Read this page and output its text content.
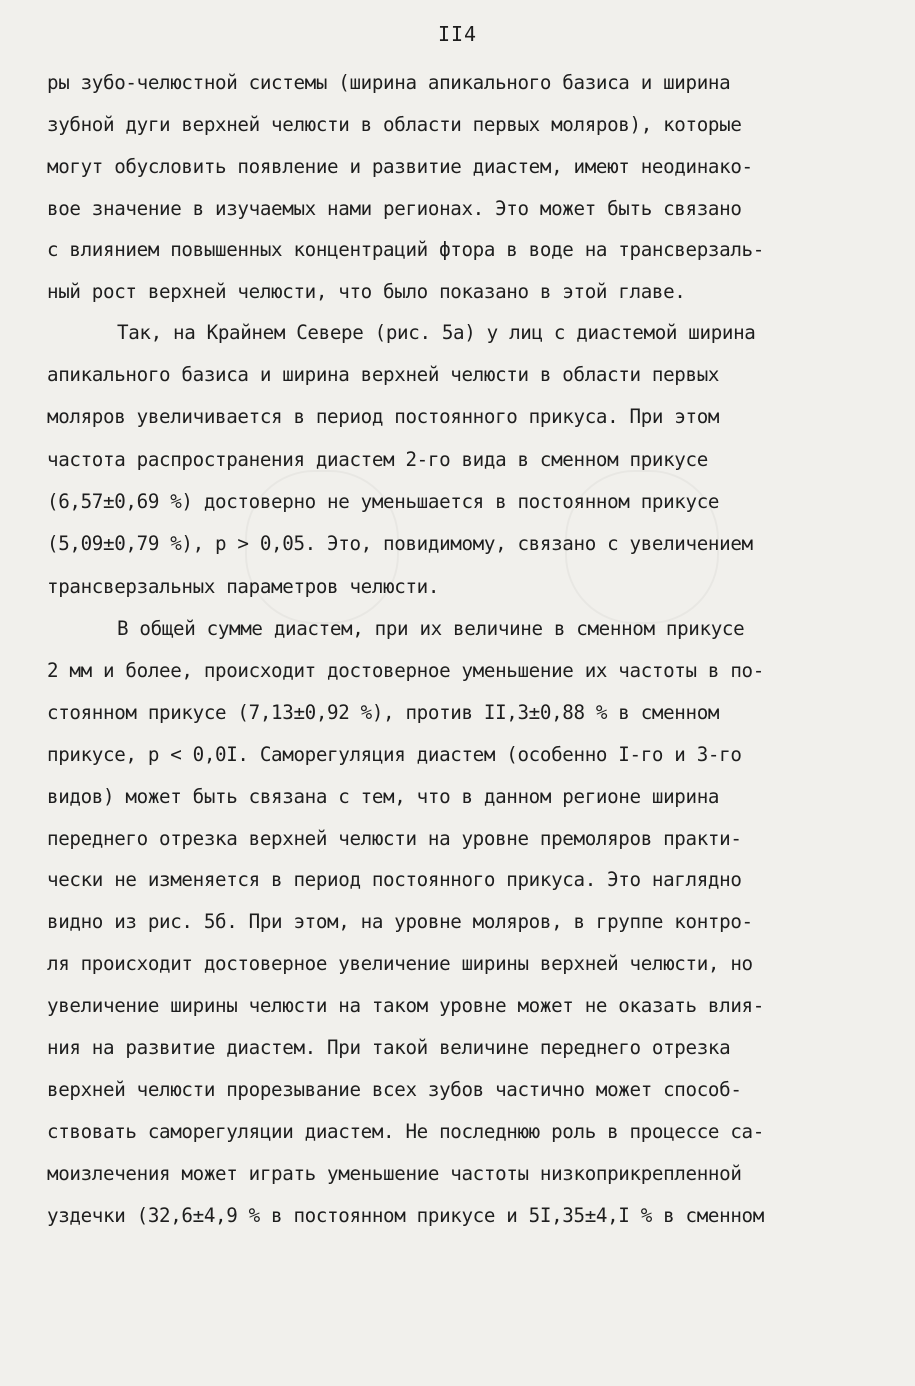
II4
ры зубо-челюстной системы (ширина апикального базиса и ширина
зубной дуги верхней челюсти в области первых моляров), которые
могут обусловить появление и развитие диастем, имеют неодинако-
вое значение в изучаемых нами регионах. Это может быть связано
с влиянием повышенных концентраций фтора в воде на трансверзаль-
ный рост верхней челюсти, что было показано в этой главе.
Так, на Крайнем Севере (рис. 5а) у лиц с диастемой ширина
апикального базиса и ширина верхней челюсти в области первых
моляров увеличивается в период постоянного прикуса. При этом
частота распространения диастем 2-го вида в сменном прикусе
(6,57±0,69 %) достоверно не уменьшается в постоянном прикусе
(5,09±0,79 %), р > 0,05. Это, повидимому, связано с увеличением
трансверзальных параметров челюсти.
В общей сумме диастем, при их величине в сменном прикусе
2 мм и более, происходит достоверное уменьшение их частоты в по-
стоянном прикусе (7,13±0,92 %), против II,3±0,88 % в сменном
прикусе, р < 0,0I. Саморегуляция диастем (особенно I-го и 3-го
видов) может быть связана с тем, что в данном регионе ширина
переднего отрезка верхней челюсти на уровне премоляров практи-
чески не изменяется в период постоянного прикуса. Это наглядно
видно из рис. 5б. При этом, на уровне моляров, в группе контро-
ля происходит достоверное увеличение ширины верхней челюсти, но
увеличение ширины челюсти на таком уровне может не оказать влия-
ния на развитие диастем. При такой величине переднего отрезка
верхней челюсти прорезывание всех зубов частично может способ-
ствовать саморегуляции диастем. Не последнюю роль в процессе са-
моизлечения может играть уменьшение частоты низкоприкрепленной
уздечки (32,6±4,9 % в постоянном прикусе и 5I,35±4,I % в сменном
